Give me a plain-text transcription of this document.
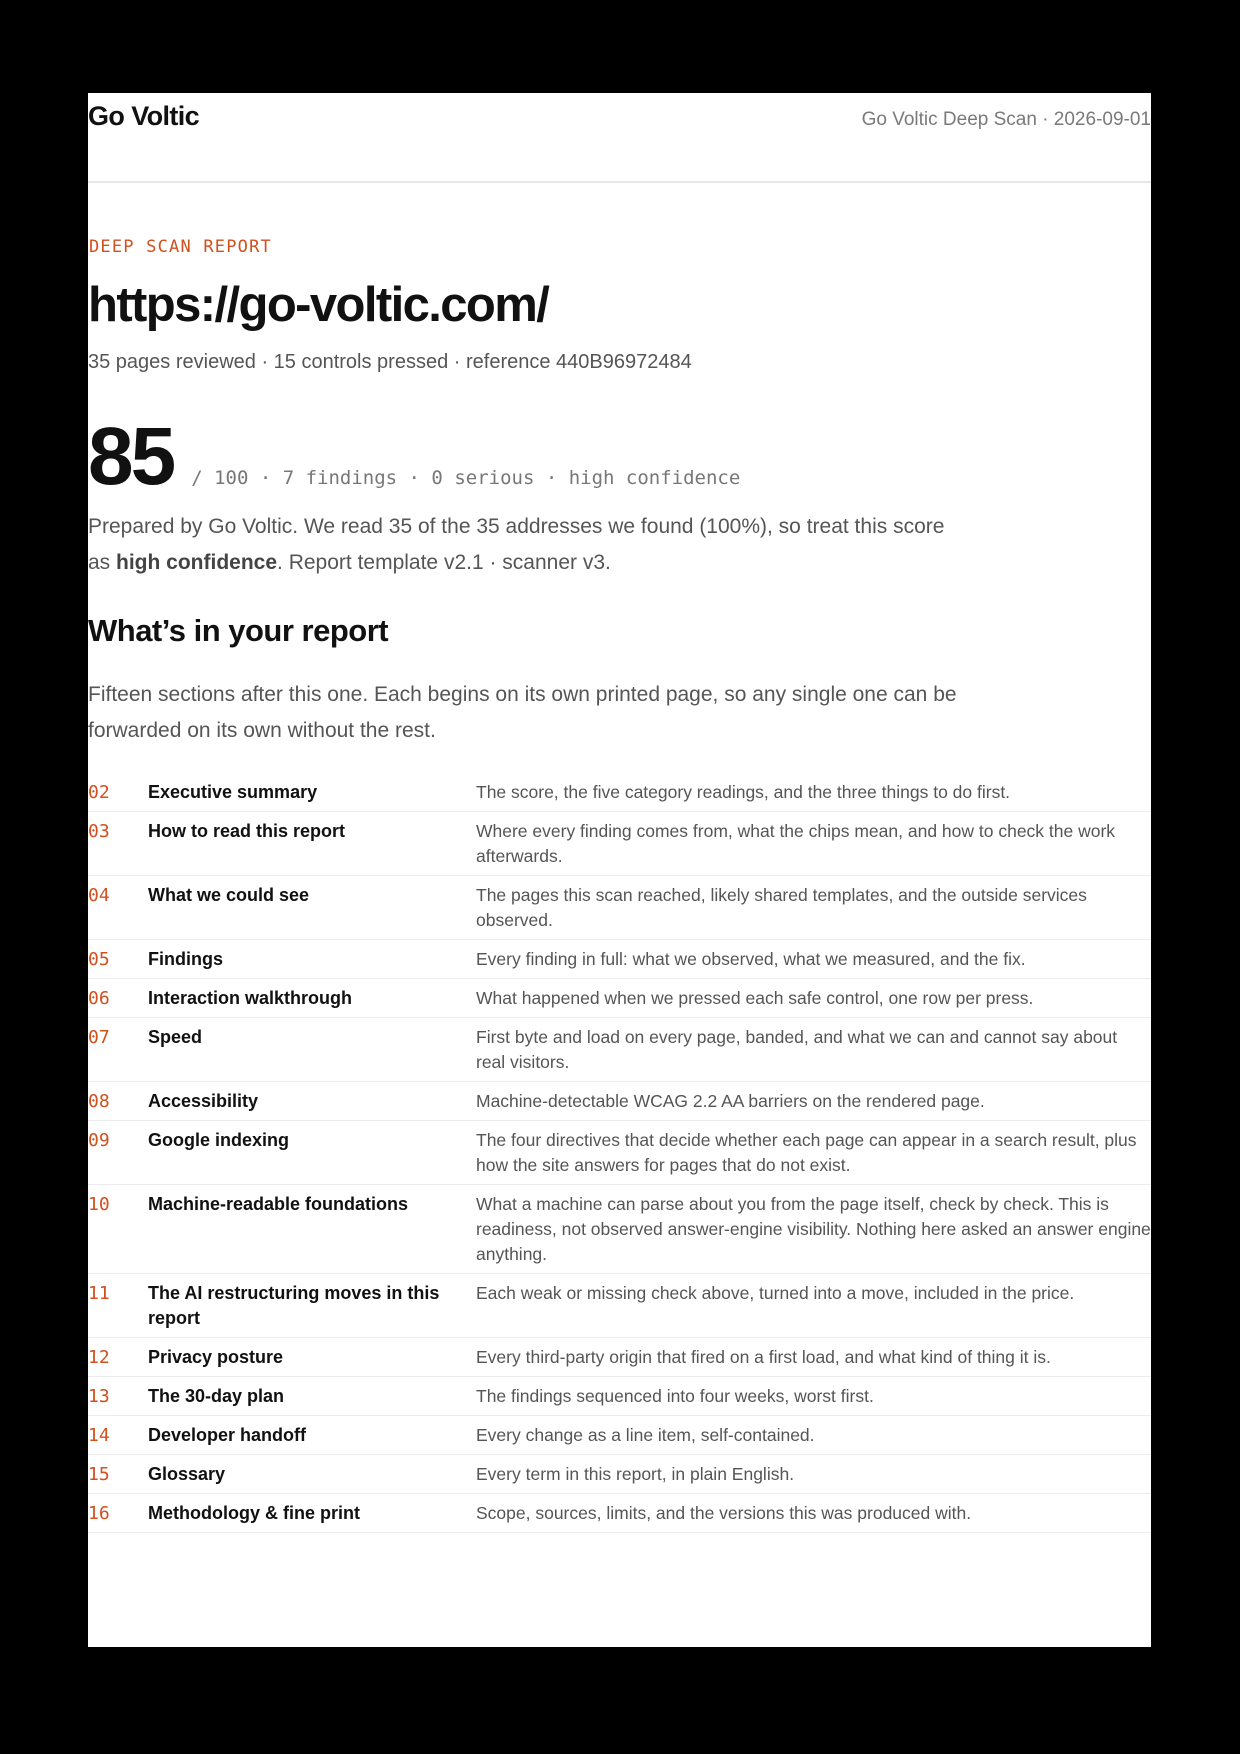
Go Voltic	Go Voltic Deep Scan · 2026-09-01
DEEP SCAN REPORT
https://go-voltic.com/
35 pages reviewed · 15 controls pressed · reference 440B96972484
85 / 100 · 7 findings · 0 serious · high confidence
Prepared by Go Voltic. We read 35 of the 35 addresses we found (100%), so treat this score as high confidence. Report template v2.1 · scanner v3.
What’s in your report
Fifteen sections after this one. Each begins on its own printed page, so any single one can be forwarded on its own without the rest.
02	Executive summary	The score, the five category readings, and the three things to do first.
03	How to read this report	Where every finding comes from, what the chips mean, and how to check the work afterwards.
04	What we could see	The pages this scan reached, likely shared templates, and the outside services observed.
05	Findings	Every finding in full: what we observed, what we measured, and the fix.
06	Interaction walkthrough	What happened when we pressed each safe control, one row per press.
07	Speed	First byte and load on every page, banded, and what we can and cannot say about real visitors.
08	Accessibility	Machine-detectable WCAG 2.2 AA barriers on the rendered page.
09	Google indexing	The four directives that decide whether each page can appear in a search result, plus how the site answers for pages that do not exist.
10	Machine-readable foundations	What a machine can parse about you from the page itself, check by check. This is readiness, not observed answer-engine visibility. Nothing here asked an answer engine anything.
11	The AI restructuring moves in this report	Each weak or missing check above, turned into a move, included in the price.
12	Privacy posture	Every third-party origin that fired on a first load, and what kind of thing it is.
13	The 30-day plan	The findings sequenced into four weeks, worst first.
14	Developer handoff	Every change as a line item, self-contained.
15	Glossary	Every term in this report, in plain English.
16	Methodology & fine print	Scope, sources, limits, and the versions this was produced with.
